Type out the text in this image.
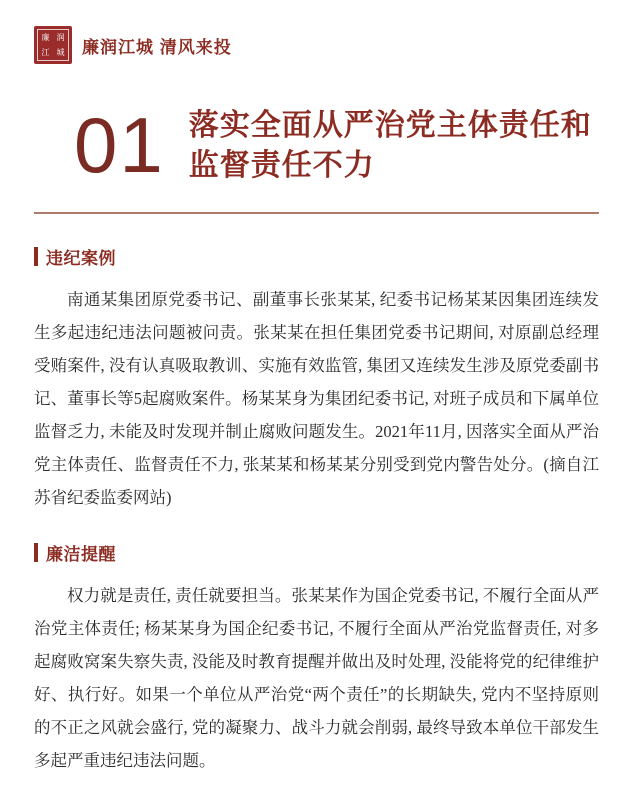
廉 润
江 城 廉润江城 清风来投
01 落实全面从严治党主体责任和监督责任不力
违纪案例
南通某集团原党委书记、副董事长张某某, 纪委书记杨某某因集团连续发生多起违纪违法问题被问责。张某某在担任集团党委书记期间, 对原副总经理受贿案件, 没有认真吸取教训、实施有效监管, 集团又连续发生涉及原党委副书记、董事长等5起腐败案件。杨某某身为集团纪委书记, 对班子成员和下属单位监督乏力, 未能及时发现并制止腐败问题发生。2021年11月, 因落实全面从严治党主体责任、监督责任不力, 张某某和杨某某分别受到党内警告处分。(摘自江苏省纪委监委网站)
廉洁提醒
权力就是责任, 责任就要担当。张某某作为国企党委书记, 不履行全面从严治党主体责任; 杨某某身为国企纪委书记, 不履行全面从严治党监督责任, 对多起腐败窝案失察失责, 没能及时教育提醒并做出及时处理, 没能将党的纪律维护好、执行好。如果一个单位从严治党“两个责任”的长期缺失, 党内不坚持原则的不正之风就会盛行, 党的凝聚力、战斗力就会削弱, 最终导致本单位干部发生多起严重违纪违法问题。
